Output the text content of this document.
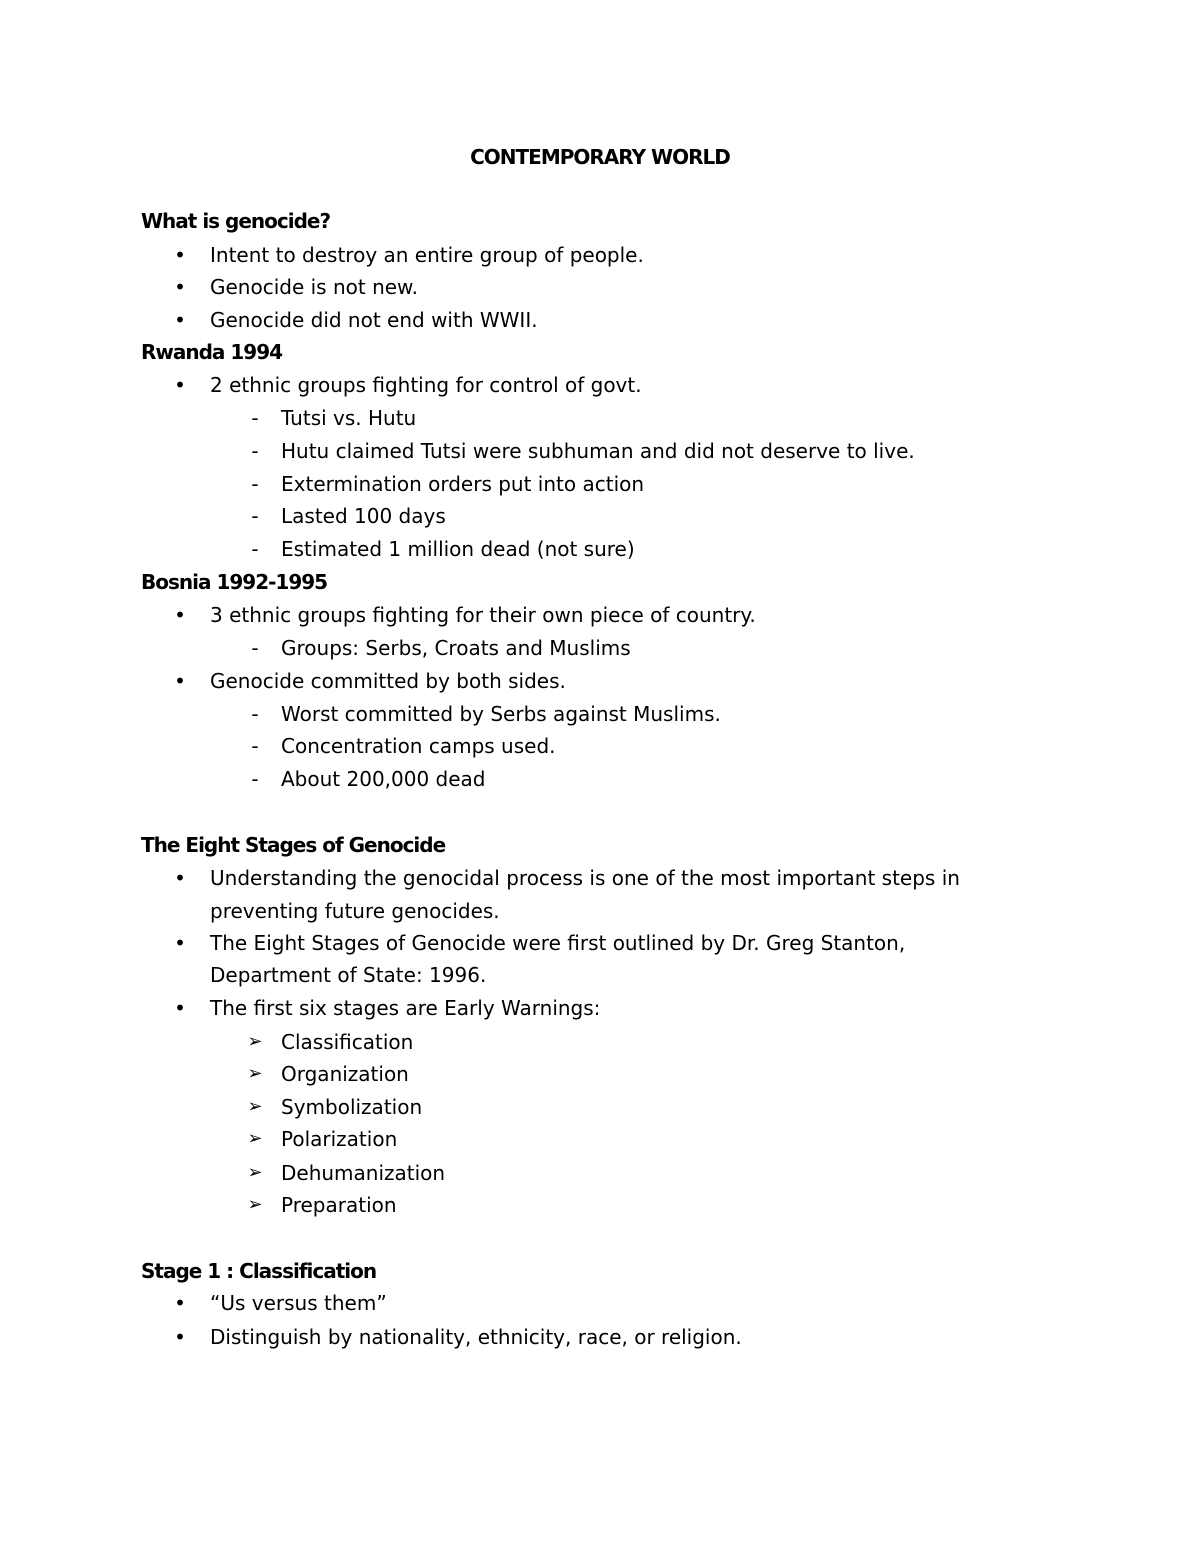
CONTEMPORARY WORLD
What is genocide?
•	Intent to destroy an entire group of people.
•	Genocide is not new.
•	Genocide did not end with WWII.
Rwanda 1994
•	2 ethnic groups fighting for control of govt.
-	Tutsi vs. Hutu
-	Hutu claimed Tutsi were subhuman and did not deserve to live.
-	Extermination orders put into action
-	Lasted 100 days
-	Estimated 1 million dead (not sure)
Bosnia 1992-1995
•	3 ethnic groups fighting for their own piece of country.
-	Groups: Serbs, Croats and Muslims
•	Genocide committed by both sides.
-	Worst committed by Serbs against Muslims.
-	Concentration camps used.
-	About 200,000 dead
The Eight Stages of Genocide
•	Understanding the genocidal process is one of the most important steps in
preventing future genocides.
•	The Eight Stages of Genocide were first outlined by Dr. Greg Stanton,
Department of State: 1996.
•	The first six stages are Early Warnings:
➢ Classification
➢ Organization
➢ Symbolization
➢ Polarization
➢ Dehumanization
➢ Preparation
Stage 1 : Classification
•	“Us versus them”
•	Distinguish by nationality, ethnicity, race, or religion.
